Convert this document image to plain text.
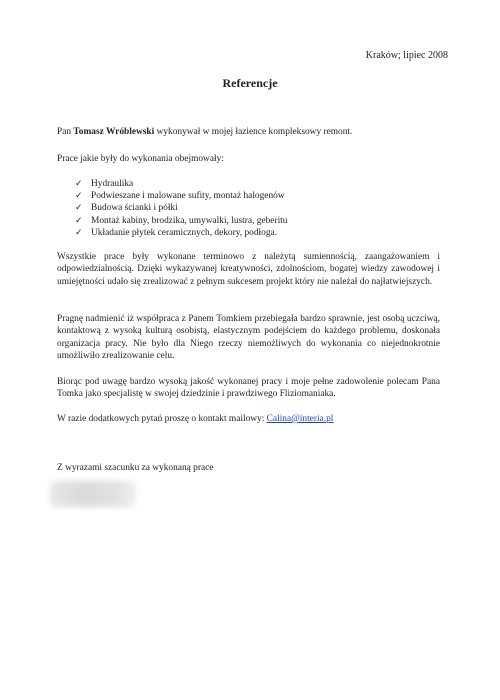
Kraków; lipiec 2008
Referencje
Pan Tomasz Wróblewski wykonywał w mojej łazience kompleksowy remont.
Prace jakie były do wykonania obejmowały:
✓ Hydraulika
✓ Podwieszane i malowane sufity, montaż halogenów
✓ Budowa ścianki i półki
✓ Montaż kabiny, brodzika, umywalki, lustra, geberitu
✓ Układanie płytek ceramicznych, dekory, podłoga.
Wszystkie prace były wykonane terminowo z należytą sumiennością, zaangażowaniem i odpowiedzialnością. Dzięki wykazywanej kreatywności, zdolnościom, bogatej wiedzy zawodowej i umiejętności udało się zrealizować z pełnym sukcesem projekt który nie należał do najłatwiejszych.
Pragnę nadmienić iż współpraca z Panem Tomkiem przebiegała bardzo sprawnie, jest osobą uczciwą, kontaktową z wysoką kulturą osobistą, elastycznym podejściem do każdego problemu, doskonała organizacja pracy. Nie było dla Niego rzeczy niemożliwych do wykonania co niejednokrotnie umożliwiło zrealizowanie celu.
Biorąc pod uwagę bardzo wysoką jakość wykonanej pracy i moje pełne zadowolenie polecam Pana Tomka jako specjalistę w swojej dziedzinie i prawdziwego Fliziomaniaka.
W razie dodatkowych pytań proszę o kontakt mailowy: Calina@interia.pl
Z wyrazami szacunku za wykonaną prace
